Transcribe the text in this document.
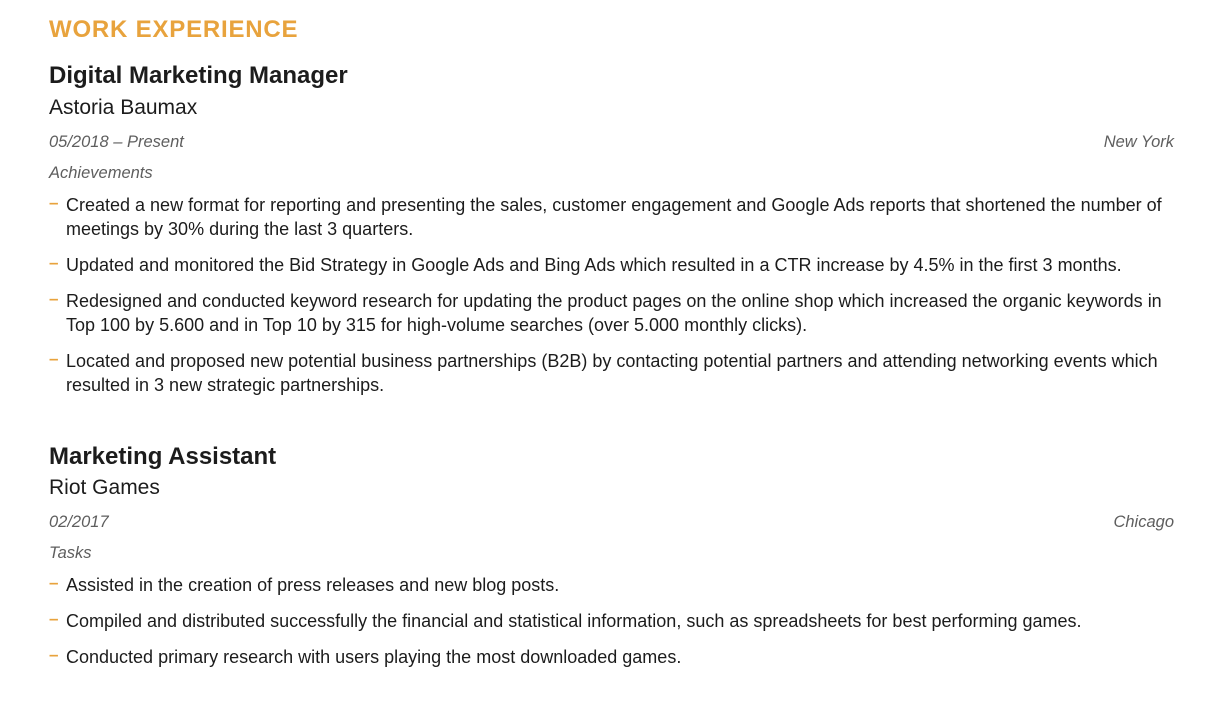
WORK EXPERIENCE
Digital Marketing Manager
Astoria Baumax
05/2018 – Present	New York
Achievements
– Created a new format for reporting and presenting the sales, customer engagement and Google Ads reports that shortened the number of meetings by 30% during the last 3 quarters.
– Updated and monitored the Bid Strategy in Google Ads and Bing Ads which resulted in a CTR increase by 4.5% in the first 3 months.
– Redesigned and conducted keyword research for updating the product pages on the online shop which increased the organic keywords in Top 100 by 5.600 and in Top 10 by 315 for high-volume searches (over 5.000 monthly clicks).
– Located and proposed new potential business partnerships (B2B) by contacting potential partners and attending networking events which resulted in 3 new strategic partnerships.
Marketing Assistant
Riot Games
02/2017	Chicago
Tasks
– Assisted in the creation of press releases and new blog posts.
– Compiled and distributed successfully the financial and statistical information, such as spreadsheets for best performing games.
– Conducted primary research with users playing the most downloaded games.
